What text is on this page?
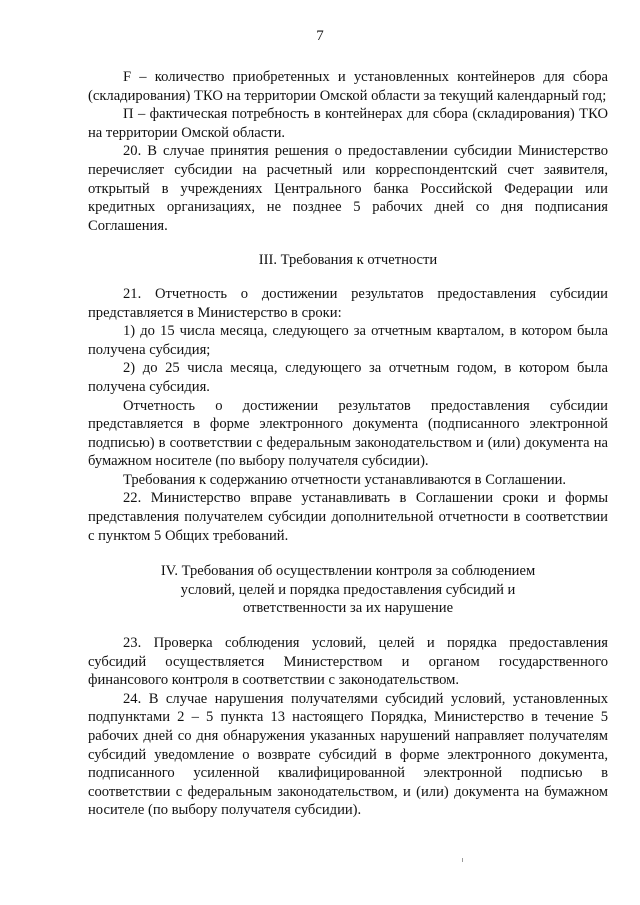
7

F – количество приобретенных и установленных контейнеров для сбора (складирования) ТКО на территории Омской области за текущий календарный год;

П – фактическая потребность в контейнерах для сбора (складирования) ТКО на территории Омской области.

20. В случае принятия решения о предоставлении субсидии Министерство перечисляет субсидии на расчетный или корреспондентский счет заявителя, открытый в учреждениях Центрального банка Российской Федерации или кредитных организациях, не позднее 5 рабочих дней со дня подписания Соглашения.

III. Требования к отчетности

21. Отчетность о достижении результатов предоставления субсидии представляется в Министерство в сроки:

1) до 15 числа месяца, следующего за отчетным кварталом, в котором была получена субсидия;

2) до 25 числа месяца, следующего за отчетным годом, в котором была получена субсидия.

Отчетность о достижении результатов предоставления субсидии представляется в форме электронного документа (подписанного электронной подписью) в соответствии с федеральным законодательством и (или) документа на бумажном носителе (по выбору получателя субсидии).

Требования к содержанию отчетности устанавливаются в Соглашении.

22. Министерство вправе устанавливать в Соглашении сроки и формы представления получателем субсидии дополнительной отчетности в соответствии с пунктом 5 Общих требований.

IV. Требования об осуществлении контроля за соблюдением
условий, целей и порядка предоставления субсидий и
ответственности за их нарушение

23. Проверка соблюдения условий, целей и порядка предоставления субсидий осуществляется Министерством и органом государственного финансового контроля в соответствии с законодательством.

24. В случае нарушения получателями субсидий условий, установленных подпунктами 2 – 5 пункта 13 настоящего Порядка, Министерство в течение 5 рабочих дней со дня обнаружения указанных нарушений направляет получателям субсидий уведомление о возврате субсидий в форме электронного документа, подписанного усиленной квалифицированной электронной подписью в соответствии с федеральным законодательством, и (или) документа на бумажном носителе (по выбору получателя субсидии).
